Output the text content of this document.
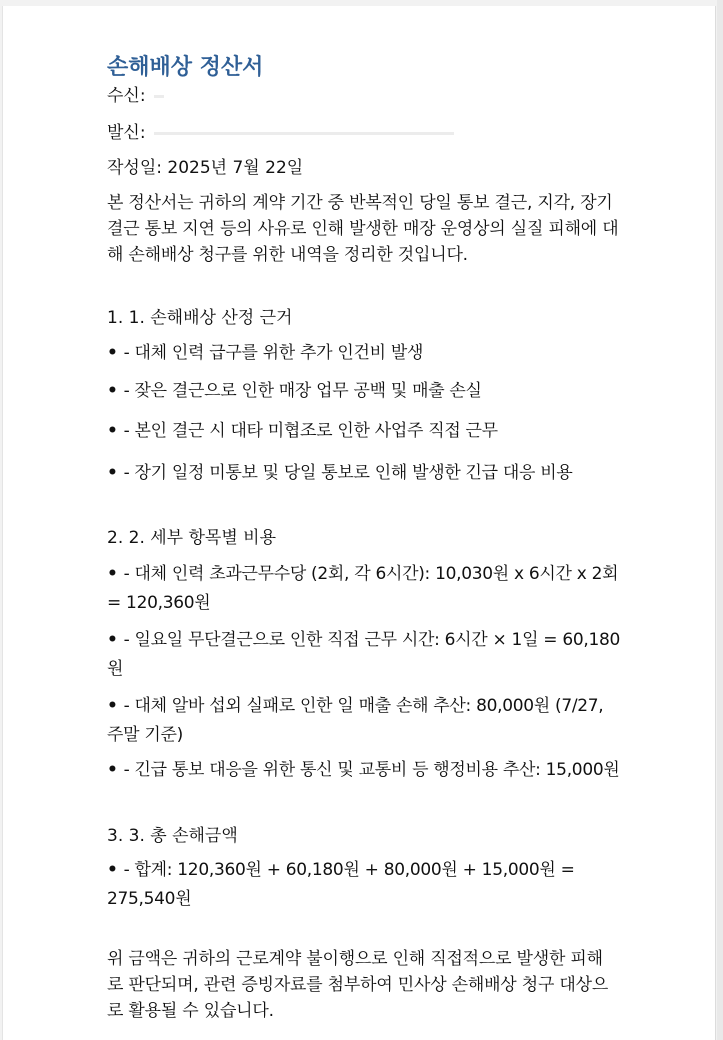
손해배상 정산서
수신:
발신:
작성일: 2025년 7월 22일
본 정산서는 귀하의 계약 기간 중 반복적인 당일 통보 결근, 지각, 장기 결근 통보 지연 등의 사유로 인해 발생한 매장 운영상의 실질 피해에 대해 손해배상 청구를 위한 내역을 정리한 것입니다.
1. 1. 손해배상 산정 근거
• - 대체 인력 급구를 위한 추가 인건비 발생
• - 잦은 결근으로 인한 매장 업무 공백 및 매출 손실
• - 본인 결근 시 대타 미협조로 인한 사업주 직접 근무
• - 장기 일정 미통보 및 당일 통보로 인해 발생한 긴급 대응 비용
2. 2. 세부 항목별 비용
• - 대체 인력 초과근무수당 (2회, 각 6시간): 10,030원 x 6시간 x 2회 = 120,360원
• - 일요일 무단결근으로 인한 직접 근무 시간: 6시간 × 1일 = 60,180원
• - 대체 알바 섭외 실패로 인한 일 매출 손해 추산: 80,000원 (7/27, 주말 기준)
• - 긴급 통보 대응을 위한 통신 및 교통비 등 행정비용 추산: 15,000원
3. 3. 총 손해금액
• - 합계: 120,360원 + 60,180원 + 80,000원 + 15,000원 = 275,540원
위 금액은 귀하의 근로계약 불이행으로 인해 직접적으로 발생한 피해로 판단되며, 관련 증빙자료를 첨부하여 민사상 손해배상 청구 대상으로 활용될 수 있습니다.
